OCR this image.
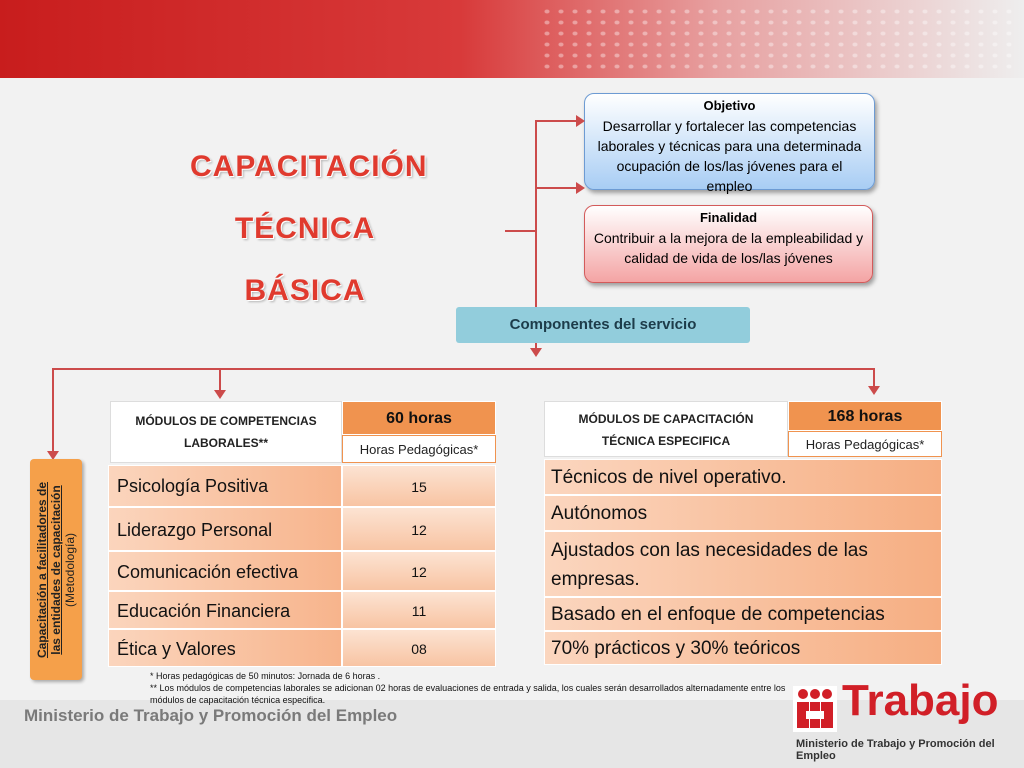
CAPACITACIÓN
TÉCNICA
BÁSICA
Objetivo
Desarrollar y fortalecer las competencias laborales y técnicas para una determinada ocupación de los/las jóvenes para el empleo
Finalidad
Contribuir a la mejora de la empleabilidad y calidad de vida de los/las jóvenes
Componentes del servicio
Capacitación a facilitadores de las entidades de capacitación (Metodología)
MÓDULOS DE COMPETENCIAS LABORALES**
60 horas
Horas Pedagógicas*
Psicología Positiva	15
Liderazgo Personal	12
Comunicación efectiva	12
Educación Financiera	11
Ética y Valores	08
MÓDULOS DE CAPACITACIÓN TÉCNICA ESPECIFICA
168 horas
Horas Pedagógicas*
Técnicos de nivel operativo.
Autónomos
Ajustados con las necesidades de las empresas.
Basado en el enfoque de competencias
70% prácticos y 30% teóricos
* Horas pedagógicas de 50 minutos: Jornada de 6 horas .
** Los módulos de competencias laborales se adicionan 02 horas de evaluaciones de entrada y salida, los cuales serán desarrollados alternadamente entre los módulos de capacitación técnica especifica.
Ministerio de Trabajo y Promoción del Empleo	Trabajo
Ministerio de Trabajo y Promoción del Empleo
